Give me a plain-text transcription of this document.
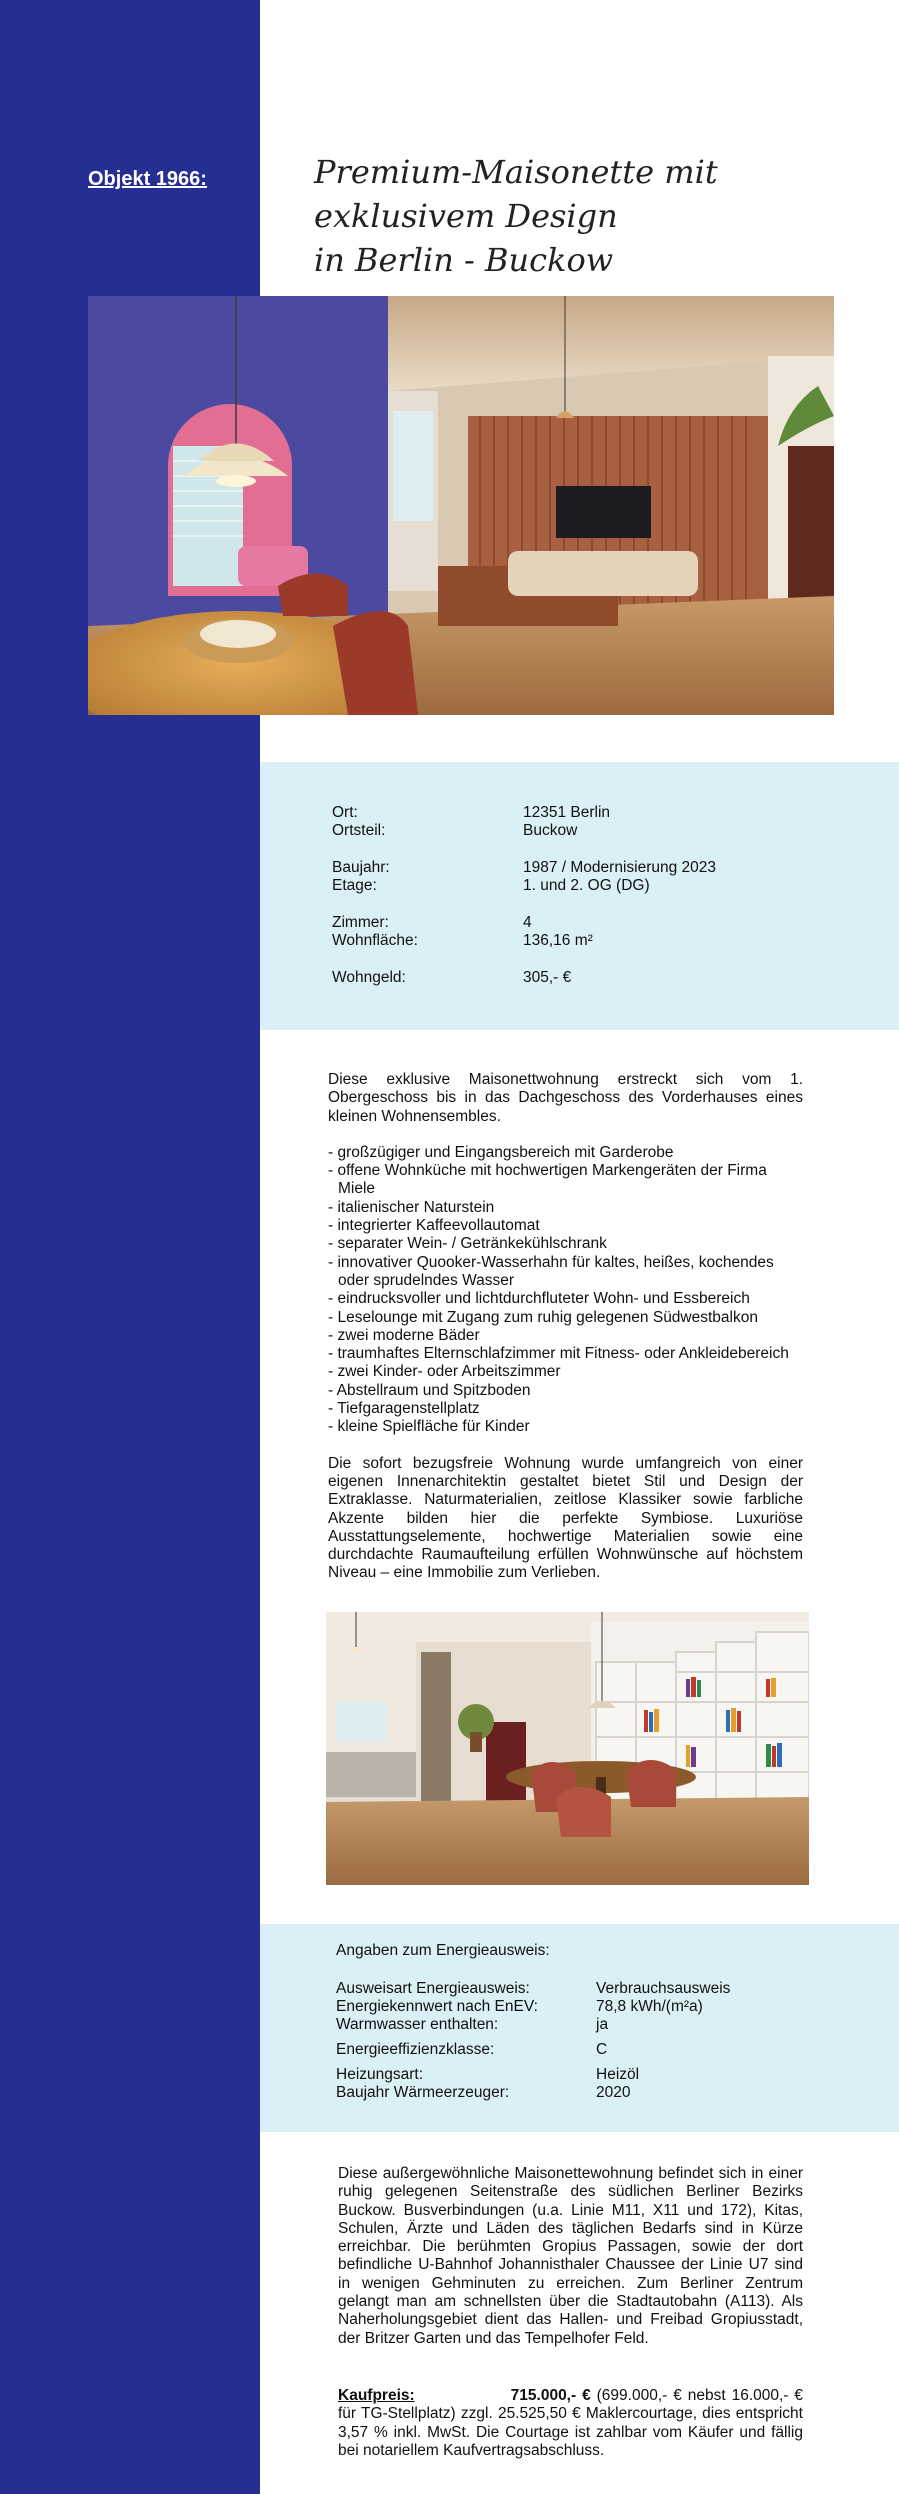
Objekt 1966:	Premium-Maisonette mit exklusivem Design
in Berlin - Buckow
Ort:	12351 Berlin
Ortsteil:	Buckow
Baujahr:	1987 / Modernisierung 2023
Etage:	1. und 2. OG (DG)
Zimmer:	4
Wohnfläche:	136,16 m²
Wohngeld:	305,- €

Diese exklusive Maisonettwohnung erstreckt sich vom 1. Obergeschoss bis in das Dachgeschoss des Vorderhauses eines kleinen Wohnensembles.

- großzügiger und Eingangsbereich mit Garderobe
- offene Wohnküche mit hochwertigen Markengeräten der Firma Miele
- italienischer Naturstein
- integrierter Kaffeevollautomat
- separater Wein- / Getränkekühlschrank
- innovativer Quooker-Wasserhahn für kaltes, heißes, kochendes oder sprudelndes Wasser
- eindrucksvoller und lichtdurchfluteter Wohn- und Essbereich
- Leselounge mit Zugang zum ruhig gelegenen Südwestbalkon
- zwei moderne Bäder
- traumhaftes Elternschlafzimmer mit Fitness- oder Ankleidebereich
- zwei Kinder- oder Arbeitszimmer
- Abstellraum und Spitzboden
- Tiefgaragenstellplatz
- kleine Spielfläche für Kinder

Die sofort bezugsfreie Wohnung wurde umfangreich von einer eigenen Innenarchitektin gestaltet bietet Stil und Design der Extraklasse. Naturmaterialien, zeitlose Klassiker sowie farbliche Akzente bilden hier die perfekte Symbiose. Luxuriöse Ausstattungselemente, hochwertige Materialien sowie eine durchdachte Raumaufteilung erfüllen Wohnwünsche auf höchstem Niveau – eine Immobilie zum Verlieben.

Angaben zum Energieausweis:
Ausweisart Energieausweis:	Verbrauchsausweis
Energiekennwert nach EnEV:	78,8 kWh/(m²a)
Warmwasser enthalten:	ja
Energieeffizienzklasse:	C
Heizungsart:	Heizöl
Baujahr Wärmeerzeuger:	2020

Diese außergewöhnliche Maisonettewohnung befindet sich in einer ruhig gelegenen Seitenstraße des südlichen Berliner Bezirks Buckow. Busverbindungen (u.a. Linie M11, X11 und 172), Kitas, Schulen, Ärzte und Läden des täglichen Bedarfs sind in Kürze erreichbar. Die berühmten Gropius Passagen, sowie der dort befindliche U-Bahnhof Johannisthaler Chaussee der Linie U7 sind in wenigen Gehminuten zu erreichen. Zum Berliner Zentrum gelangt man am schnellsten über die Stadtautobahn (A113). Als Naherholungsgebiet dient das Hallen- und Freibad Gropiusstadt, der Britzer Garten und das Tempelhofer Feld.

Kaufpreis:	715.000,- € (699.000,- € nebst 16.000,- € für TG-Stellplatz) zzgl. 25.525,50 € Maklercourtage, dies entspricht 3,57 % inkl. MwSt. Die Courtage ist zahlbar vom Käufer und fällig bei notariellem Kaufvertragsabschluss.
